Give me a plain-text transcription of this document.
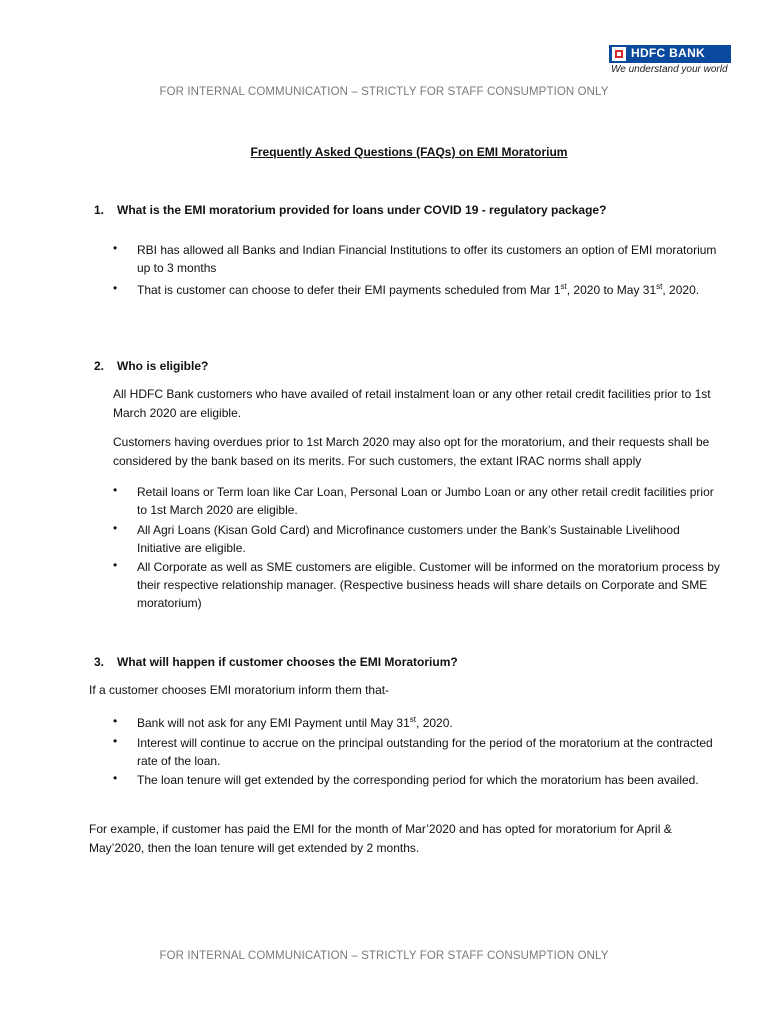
HDFC BANK
We understand your world
FOR INTERNAL COMMUNICATION – STRICTLY FOR STAFF CONSUMPTION ONLY
Frequently Asked Questions (FAQs) on EMI Moratorium
1. What is the EMI moratorium provided for loans under COVID 19 - regulatory package?
• RBI has allowed all Banks and Indian Financial Institutions to offer its customers an option of EMI moratorium up to 3 months
• That is customer can choose to defer their EMI payments scheduled from Mar 1st, 2020 to May 31st, 2020.
2. Who is eligible?
All HDFC Bank customers who have availed of retail instalment loan or any other retail credit facilities prior to 1st March 2020 are eligible.
Customers having overdues prior to 1st March 2020 may also opt for the moratorium, and their requests shall be considered by the bank based on its merits. For such customers, the extant IRAC norms shall apply
• Retail loans or Term loan like Car Loan, Personal Loan or Jumbo Loan or any other retail credit facilities prior to 1st March 2020 are eligible.
• All Agri Loans (Kisan Gold Card) and Microfinance customers under the Bank’s Sustainable Livelihood Initiative are eligible.
• All Corporate as well as SME customers are eligible. Customer will be informed on the moratorium process by their respective relationship manager. (Respective business heads will share details on Corporate and SME moratorium)
3. What will happen if customer chooses the EMI Moratorium?
If a customer chooses EMI moratorium inform them that-
• Bank will not ask for any EMI Payment until May 31st, 2020.
• Interest will continue to accrue on the principal outstanding for the period of the moratorium at the contracted rate of the loan.
• The loan tenure will get extended by the corresponding period for which the moratorium has been availed.
For example, if customer has paid the EMI for the month of Mar’2020 and has opted for moratorium for April & May’2020, then the loan tenure will get extended by 2 months.
FOR INTERNAL COMMUNICATION – STRICTLY FOR STAFF CONSUMPTION ONLY
